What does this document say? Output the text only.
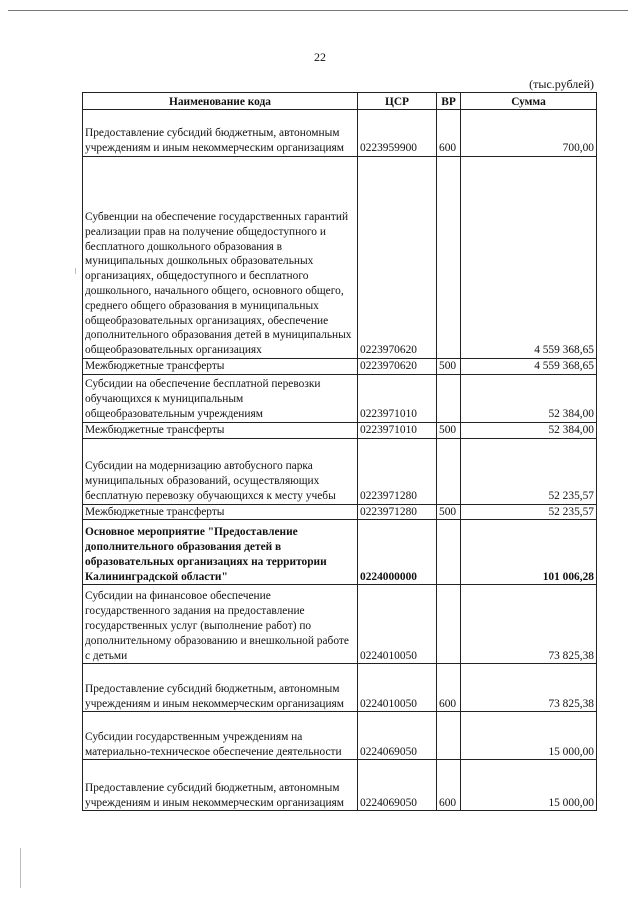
22
(тыс.рублей)
Наименование кода	ЦСР	ВР	Сумма
Предоставление субсидий бюджетным, автономным учреждениям и иным некоммерческим организациям	0223959900	600	700,00
Субвенции на обеспечение государственных гарантий реализации прав на получение общедоступного и бесплатного дошкольного образования в муниципальных дошкольных образовательных организациях, общедоступного и бесплатного дошкольного, начального общего, основного общего, среднего общего образования в муниципальных общеобразовательных организациях, обеспечение дополнительного образования детей в муниципальных общеобразовательных организациях	0223970620		4 559 368,65
Межбюджетные трансферты	0223970620	500	4 559 368,65
Субсидии на обеспечение бесплатной перевозки обучающихся к муниципальным общеобразовательным учреждениям	0223971010		52 384,00
Межбюджетные трансферты	0223971010	500	52 384,00
Субсидии на модернизацию автобусного парка муниципальных образований, осуществляющих бесплатную перевозку обучающихся к месту учебы	0223971280		52 235,57
Межбюджетные трансферты	0223971280	500	52 235,57
Основное мероприятие "Предоставление дополнительного образования детей в образовательных организациях на территории Калининградской области"	0224000000		101 006,28
Субсидии на финансовое обеспечение государственного задания на предоставление государственных услуг (выполнение работ) по дополнительному образованию и внешкольной работе с детьми	0224010050		73 825,38
Предоставление субсидий бюджетным, автономным учреждениям и иным некоммерческим организациям	0224010050	600	73 825,38
Субсидии государственным учреждениям на материально-техническое обеспечение деятельности	0224069050		15 000,00
Предоставление субсидий бюджетным, автономным учреждениям и иным некоммерческим организациям	0224069050	600	15 000,00
